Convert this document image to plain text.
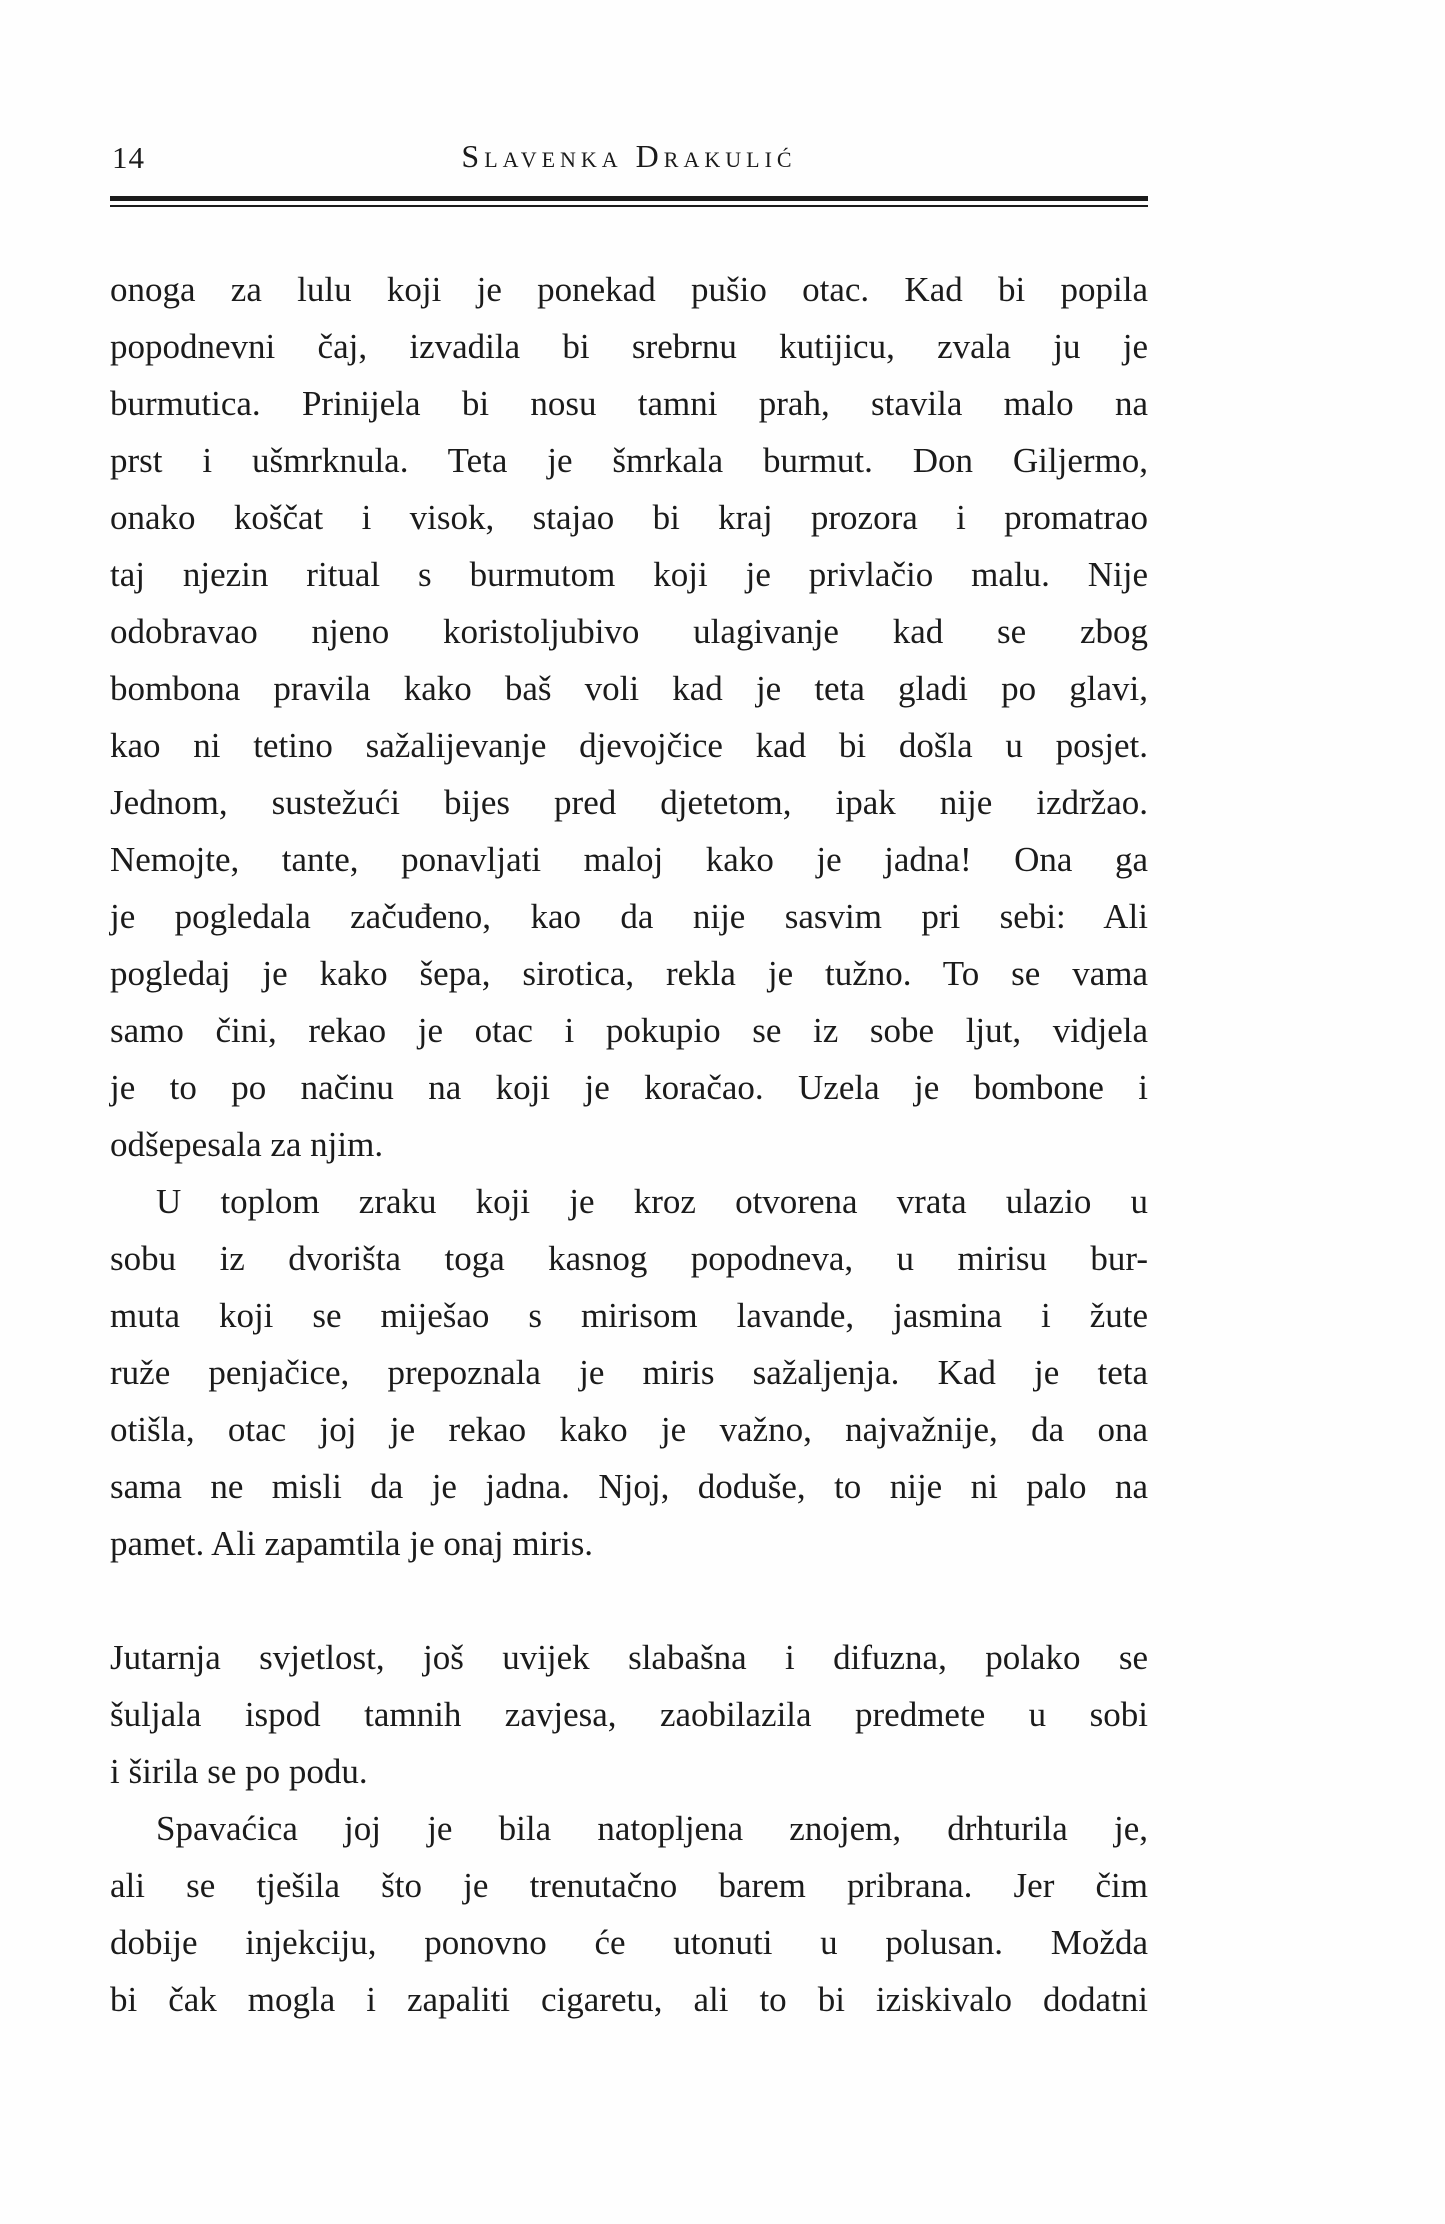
14	Slavenka Drakulić
onoga za lulu koji je ponekad pušio otac. Kad bi popila
popodnevni čaj, izvadila bi srebrnu kutijicu, zvala ju je
burmutica. Prinijela bi nosu tamni prah, stavila malo na
prst i ušmrknula. Teta je šmrkala burmut. Don Giljermo,
onako koščat i visok, stajao bi kraj prozora i promatrao
taj njezin ritual s burmutom koji je privlačio malu. Nije
odobravao njeno koristoljubivo ulagivanje kad se zbog
bombona pravila kako baš voli kad je teta gladi po glavi,
kao ni tetino sažalijevanje djevojčice kad bi došla u posjet.
Jednom, sustežući bijes pred djetetom, ipak nije izdržao.
Nemojte, tante, ponavljati maloj kako je jadna! Ona ga
je pogledala začuđeno, kao da nije sasvim pri sebi: Ali
pogledaj je kako šepa, sirotica, rekla je tužno. To se vama
samo čini, rekao je otac i pokupio se iz sobe ljut, vidjela
je to po načinu na koji je koračao. Uzela je bombone i
odšepesala za njim.
U toplom zraku koji je kroz otvorena vrata ulazio u
sobu iz dvorišta toga kasnog popodneva, u mirisu bur-
muta koji se miješao s mirisom lavande, jasmina i žute
ruže penjačice, prepoznala je miris sažaljenja. Kad je teta
otišla, otac joj je rekao kako je važno, najvažnije, da ona
sama ne misli da je jadna. Njoj, doduše, to nije ni palo na
pamet. Ali zapamtila je onaj miris.
Jutarnja svjetlost, još uvijek slabašna i difuzna, polako se
šuljala ispod tamnih zavjesa, zaobilazila predmete u sobi
i širila se po podu.
Spavaćica joj je bila natopljena znojem, drhturila je,
ali se tješila što je trenutačno barem pribrana. Jer čim
dobije injekciju, ponovno će utonuti u polusan. Možda
bi čak mogla i zapaliti cigaretu, ali to bi iziskivalo dodatni
